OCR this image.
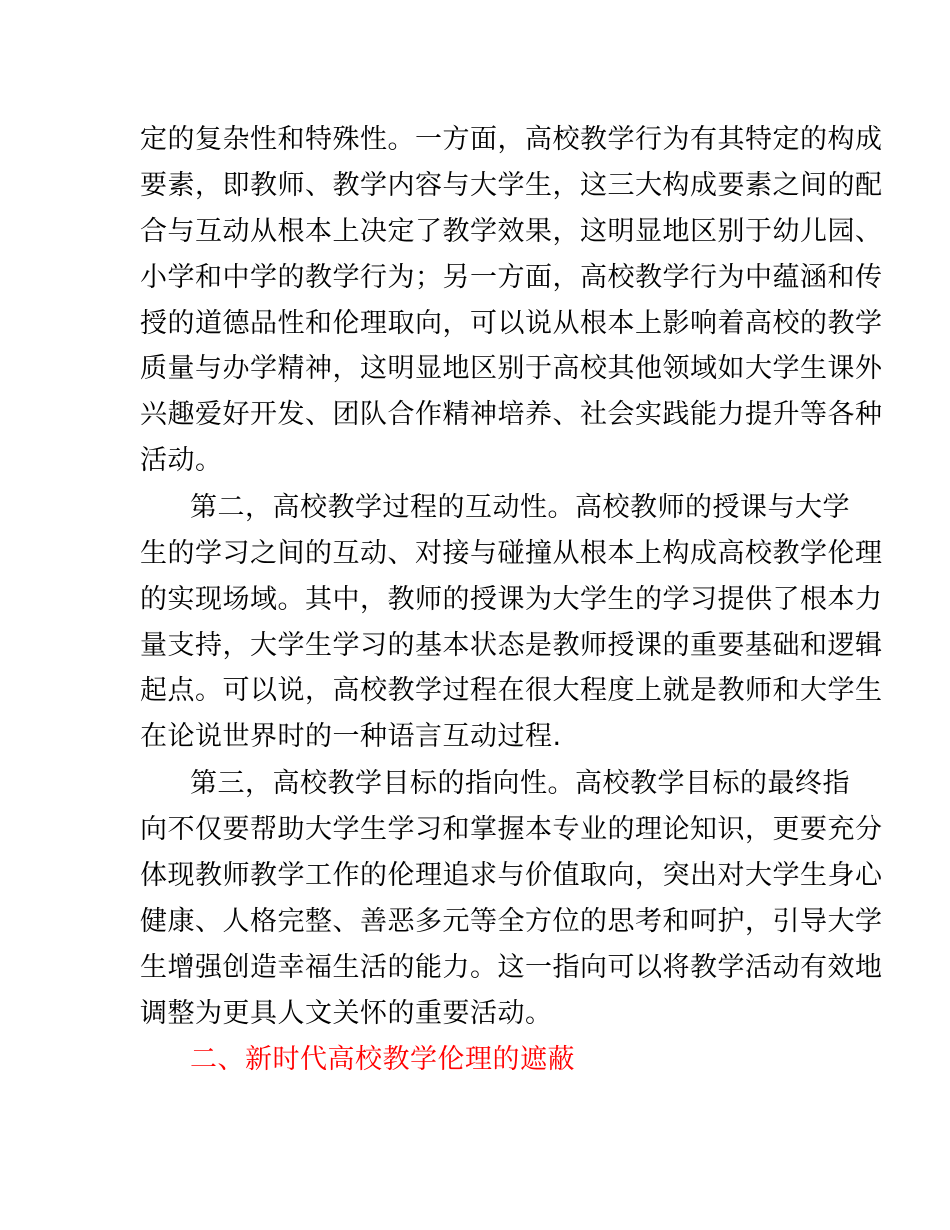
定的复杂性和特殊性。一方面，高校教学行为有其特定的构成
要素，即教师、教学内容与大学生，这三大构成要素之间的配
合与互动从根本上决定了教学效果，这明显地区别于幼儿园、
小学和中学的教学行为；另一方面，高校教学行为中蕴涵和传
授的道德品性和伦理取向，可以说从根本上影响着高校的教学
质量与办学精神，这明显地区别于高校其他领域如大学生课外
兴趣爱好开发、团队合作精神培养、社会实践能力提升等各种
活动。
第二，高校教学过程的互动性。高校教师的授课与大学
生的学习之间的互动、对接与碰撞从根本上构成高校教学伦理
的实现场域。其中，教师的授课为大学生的学习提供了根本力
量支持，大学生学习的基本状态是教师授课的重要基础和逻辑
起点。可以说，高校教学过程在很大程度上就是教师和大学生
在论说世界时的一种语言互动过程.
第三，高校教学目标的指向性。高校教学目标的最终指
向不仅要帮助大学生学习和掌握本专业的理论知识，更要充分
体现教师教学工作的伦理追求与价值取向，突出对大学生身心
健康、人格完整、善恶多元等全方位的思考和呵护，引导大学
生增强创造幸福生活的能力。这一指向可以将教学活动有效地
调整为更具人文关怀的重要活动。
二、新时代高校教学伦理的遮蔽
